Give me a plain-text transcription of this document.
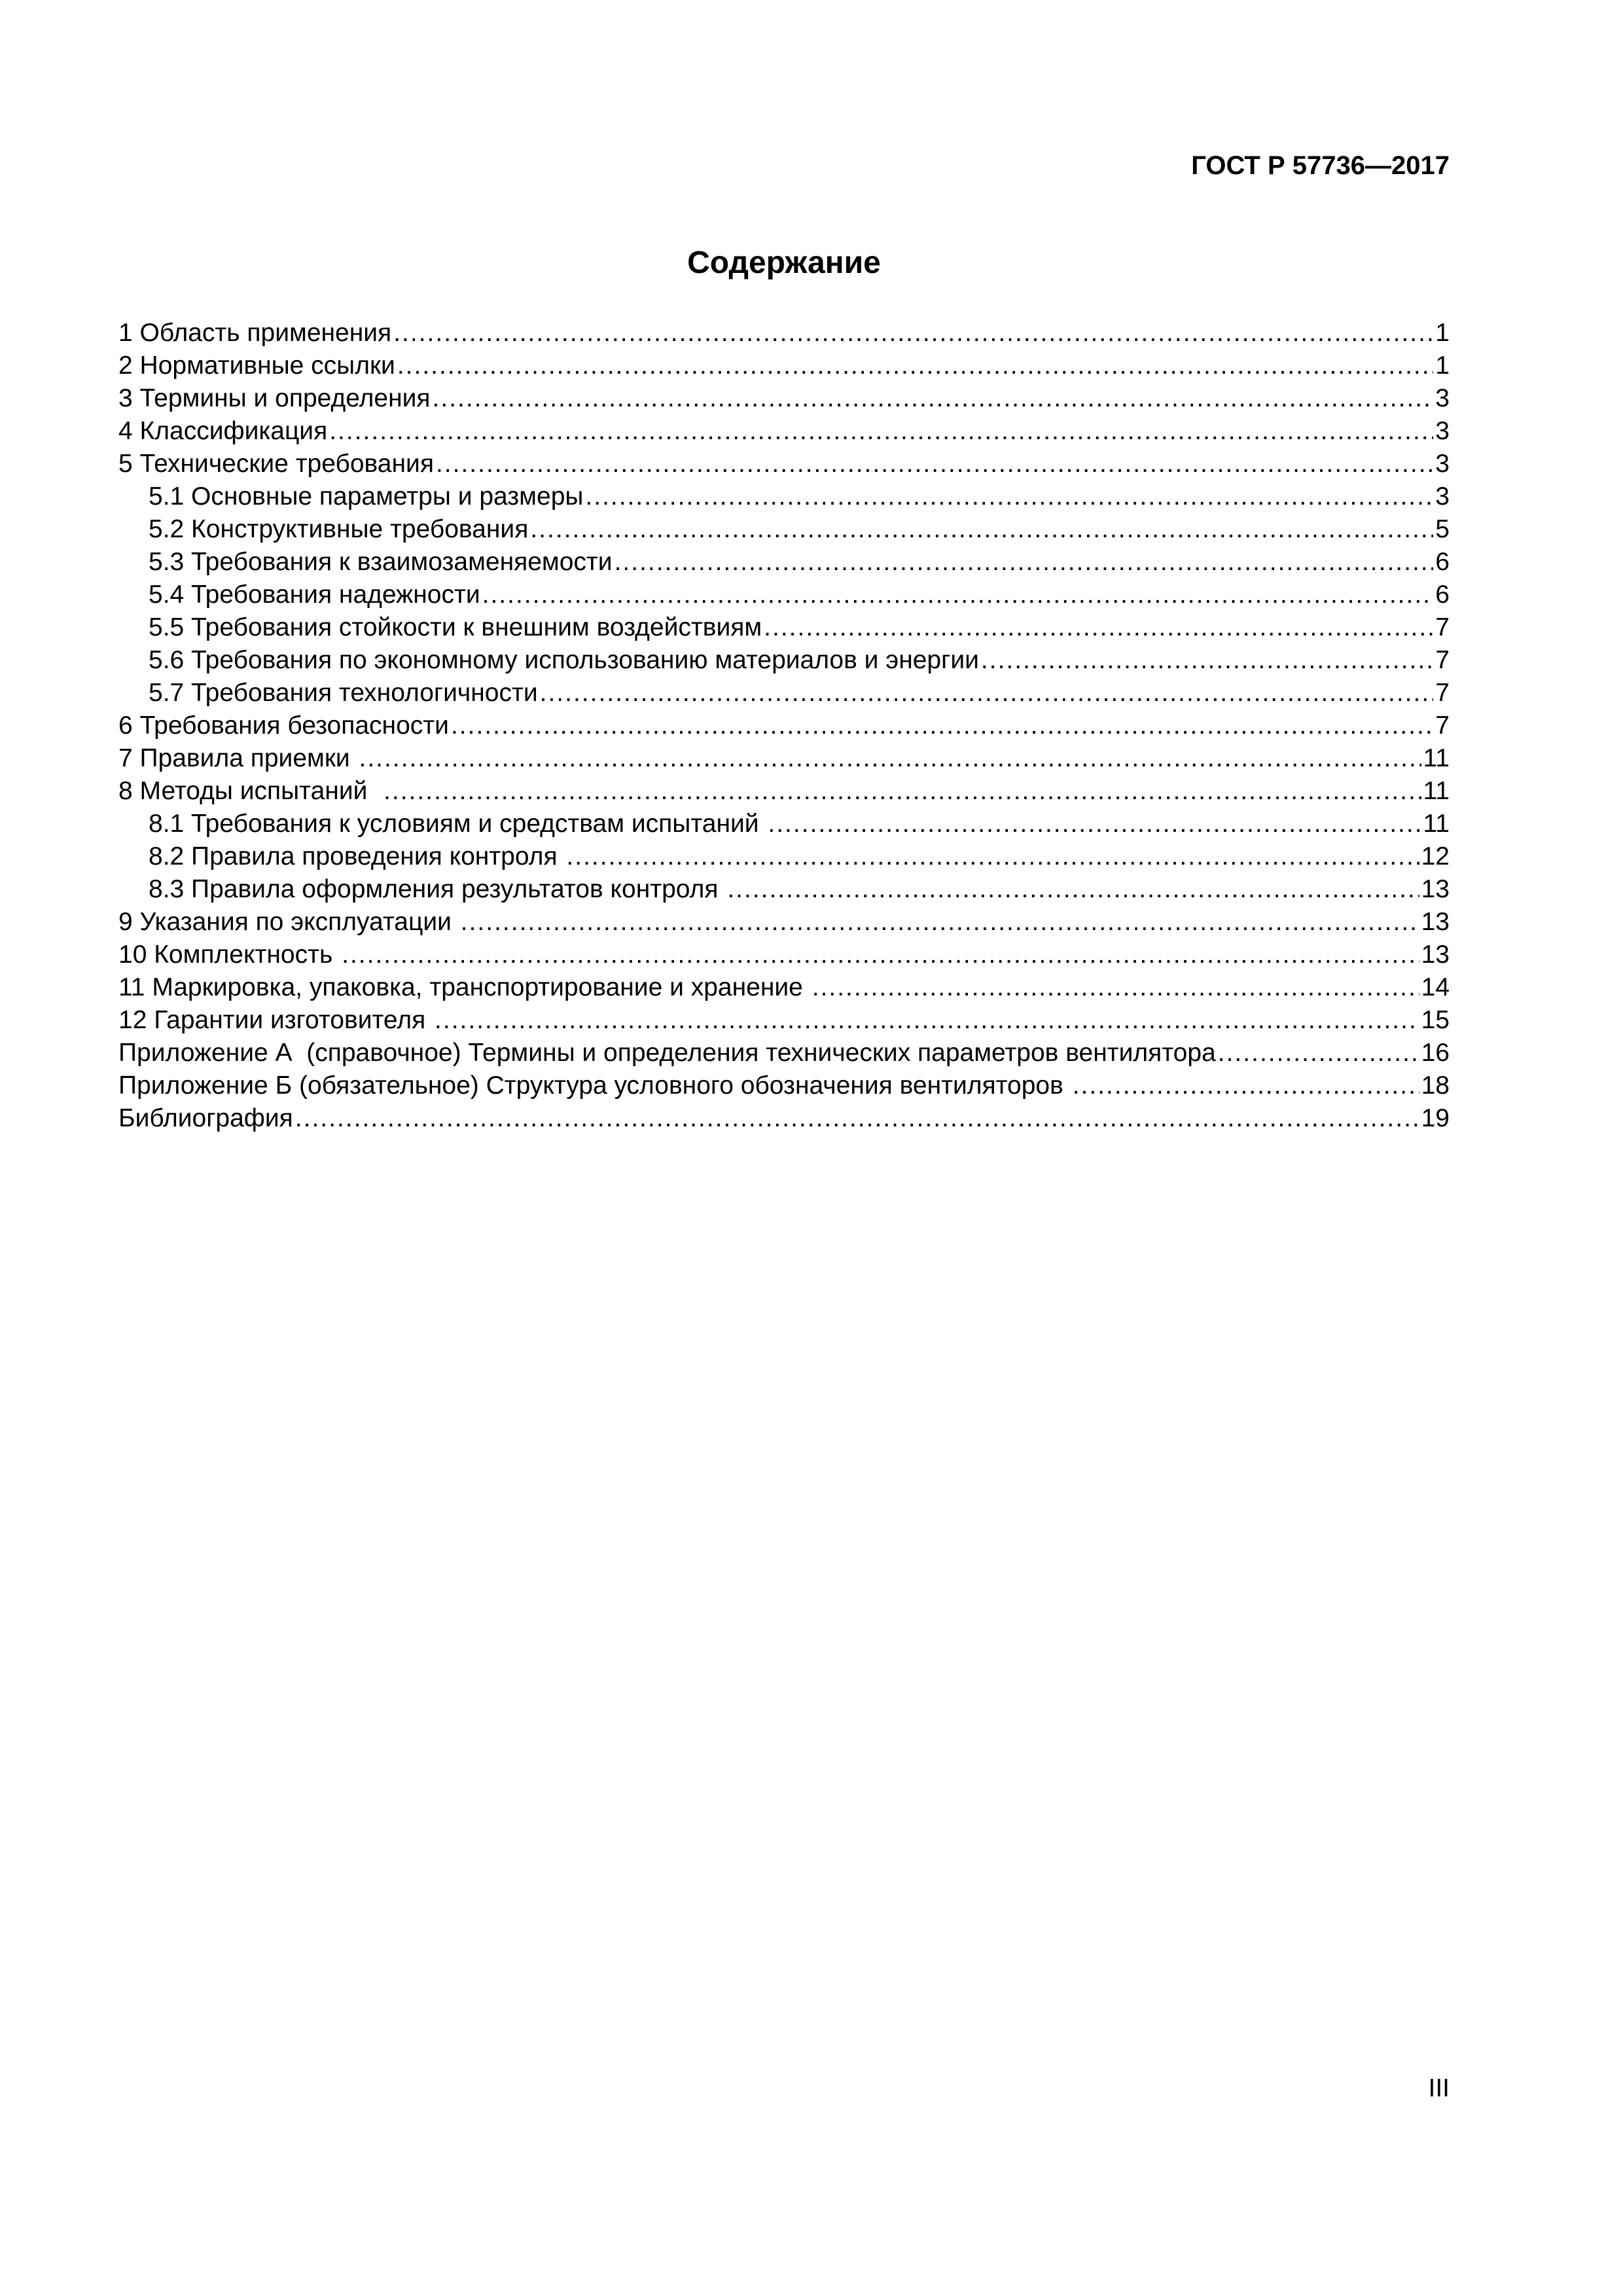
ГОСТ Р 57736—2017
Содержание
1 Область применения .....	1
2 Нормативные ссылки .....	1
3 Термины и определения .....	3
4 Классификация .....	3
5 Технические требования .....	3
5.1 Основные параметры и размеры .....	3
5.2 Конструктивные требования .....	5
5.3 Требования к взаимозаменяемости .....	6
5.4 Требования надежности .....	6
5.5 Требования стойкости к внешним воздействиям .....	7
5.6 Требования по экономному использованию материалов и энергии .....	7
5.7 Требования технологичности .....	7
6 Требования безопасности .....	7
7 Правила приемки .....	11
8 Методы испытаний .....	11
8.1 Требования к условиям и средствам испытаний .....	11
8.2 Правила проведения контроля .....	12
8.3 Правила оформления результатов контроля .....	13
9 Указания по эксплуатации .....	13
10 Комплектность .....	13
11 Маркировка, упаковка, транспортирование и хранение .....	14
12 Гарантии изготовителя .....	15
Приложение А  (справочное) Термины и определения технических параметров вентилятора .....	16
Приложение Б (обязательное) Структура условного обозначения вентиляторов .....	18
Библиография .....	19
III
